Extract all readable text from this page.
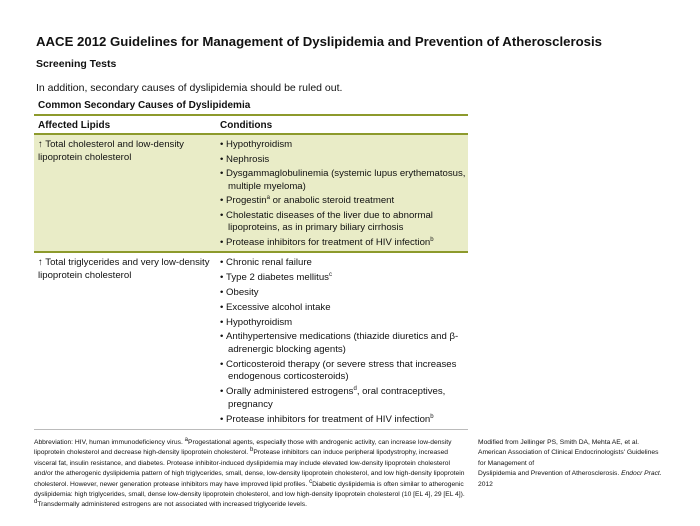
AACE 2012 Guidelines for Management of Dyslipidemia and Prevention of Atherosclerosis
Screening Tests
In addition, secondary causes of dyslipidemia should be ruled out.
Common Secondary Causes of Dyslipidemia
Affected Lipids	Conditions
↑ Total cholesterol and low-density lipoprotein cholesterol
• Hypothyroidism
• Nephrosis
• Dysgammaglobulinemia (systemic lupus erythematosus, multiple myeloma)
• Progestin$^a$ or anabolic steroid treatment
• Cholestatic diseases of the liver due to abnormal lipoproteins, as in primary biliary cirrhosis
• Protease inhibitors for treatment of HIV infection$^b$
↑ Total triglycerides and very low-density lipoprotein cholesterol
• Chronic renal failure
• Type 2 diabetes mellitus$^c$
• Obesity
• Excessive alcohol intake
• Hypothyroidism
• Antihypertensive medications (thiazide diuretics and β-adrenergic blocking agents)
• Corticosteroid therapy (or severe stress that increases endogenous corticosteroids)
• Orally administered estrogens$^d$, oral contraceptives, pregnancy
• Protease inhibitors for treatment of HIV infection$^b$
Abbreviation: HIV, human immunodeficiency virus. $^a$Progestational agents, especially those with androgenic activity, can increase low-density lipoprotein cholesterol and decrease high-density lipoprotein cholesterol. $^b$Protease inhibitors can induce peripheral lipodystrophy, increased visceral fat, insulin resistance, and diabetes. Protease inhibitor-induced dyslipidemia may include elevated low-density lipoprotein cholesterol and/or the atherogenic dyslipidemia pattern of high triglycerides, small, dense, low-density lipoprotein cholesterol, and low high-density lipoprotein cholesterol. However, newer generation protease inhibitors may have improved lipid profiles. $^c$Diabetic dyslipidemia is often similar to atherogenic dyslipidemia: high triglycerides, small, dense low-density lipoprotein cholesterol, and low high-density lipoprotein cholesterol (10 [EL 4], 29 [EL 4]). $^d$Transdermally administered estrogens are not associated with increased triglyceride levels.
Modified from Jellinger PS, Smith DA, Mehta AE, et al.
American Association of Clinical Endocrinologists' Guidelines
for Management of
Dyslipidemia and Prevention of Atherosclerosis. Endocr Pract.
2012
